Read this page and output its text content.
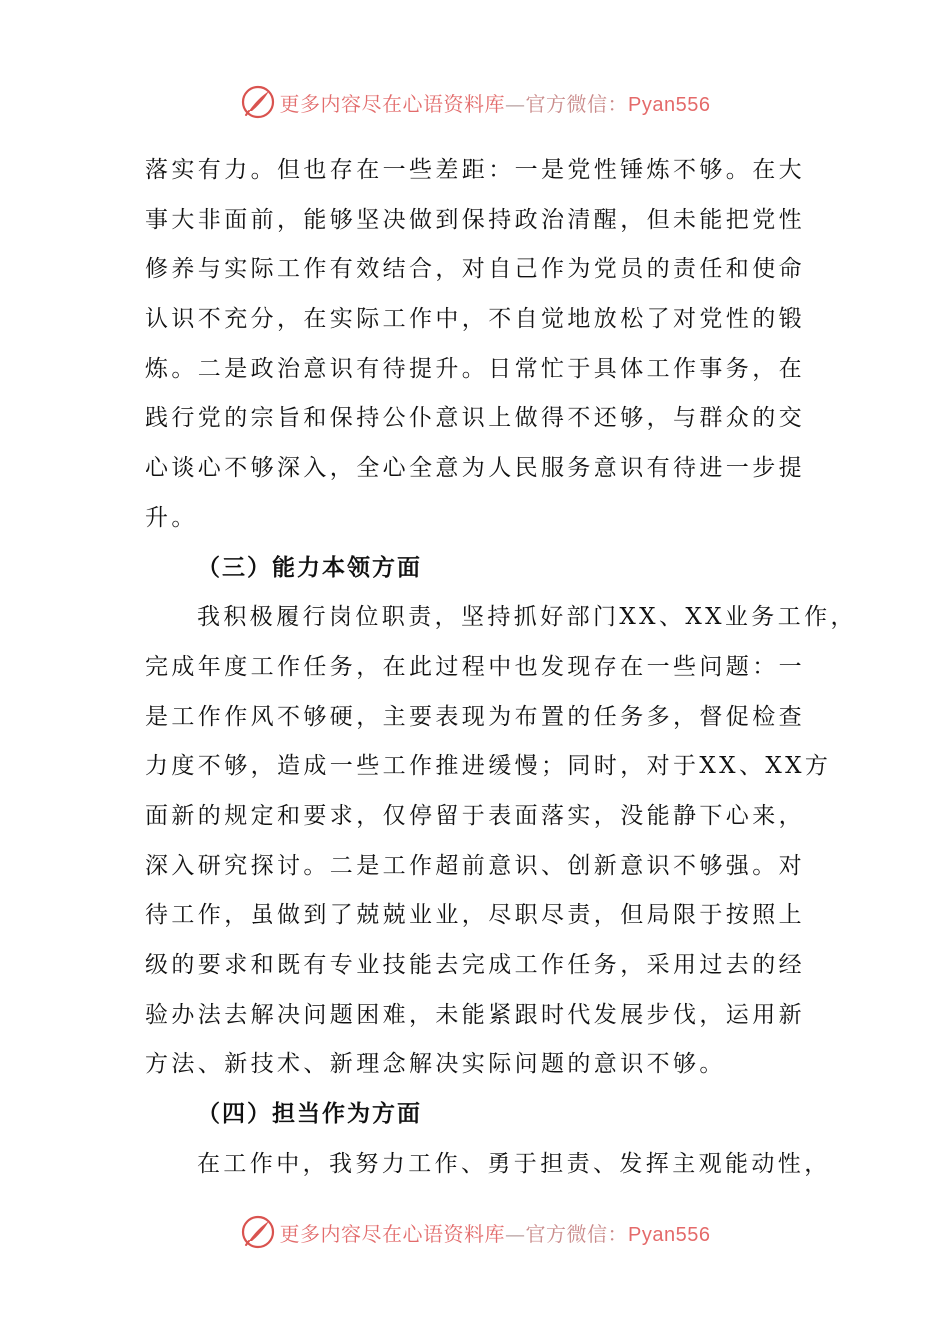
更多内容尽在心语资料库—官方微信：Pyan556
落实有力。但也存在一些差距：一是党性锤炼不够。在大
事大非面前，能够坚决做到保持政治清醒，但未能把党性
修养与实际工作有效结合，对自己作为党员的责任和使命
认识不充分，在实际工作中，不自觉地放松了对党性的锻
炼。二是政治意识有待提升。日常忙于具体工作事务，在
践行党的宗旨和保持公仆意识上做得不还够，与群众的交
心谈心不够深入，全心全意为人民服务意识有待进一步提
升。
（三）能力本领方面
我积极履行岗位职责，坚持抓好部门XX、XX业务工作，
完成年度工作任务，在此过程中也发现存在一些问题：一
是工作作风不够硬，主要表现为布置的任务多，督促检查
力度不够，造成一些工作推进缓慢；同时，对于XX、XX方
面新的规定和要求，仅停留于表面落实，没能静下心来，
深入研究探讨。二是工作超前意识、创新意识不够强。对
待工作，虽做到了兢兢业业，尽职尽责，但局限于按照上
级的要求和既有专业技能去完成工作任务，采用过去的经
验办法去解决问题困难，未能紧跟时代发展步伐，运用新
方法、新技术、新理念解决实际问题的意识不够。
（四）担当作为方面
在工作中，我努力工作、勇于担责、发挥主观能动性，
更多内容尽在心语资料库—官方微信：Pyan556
